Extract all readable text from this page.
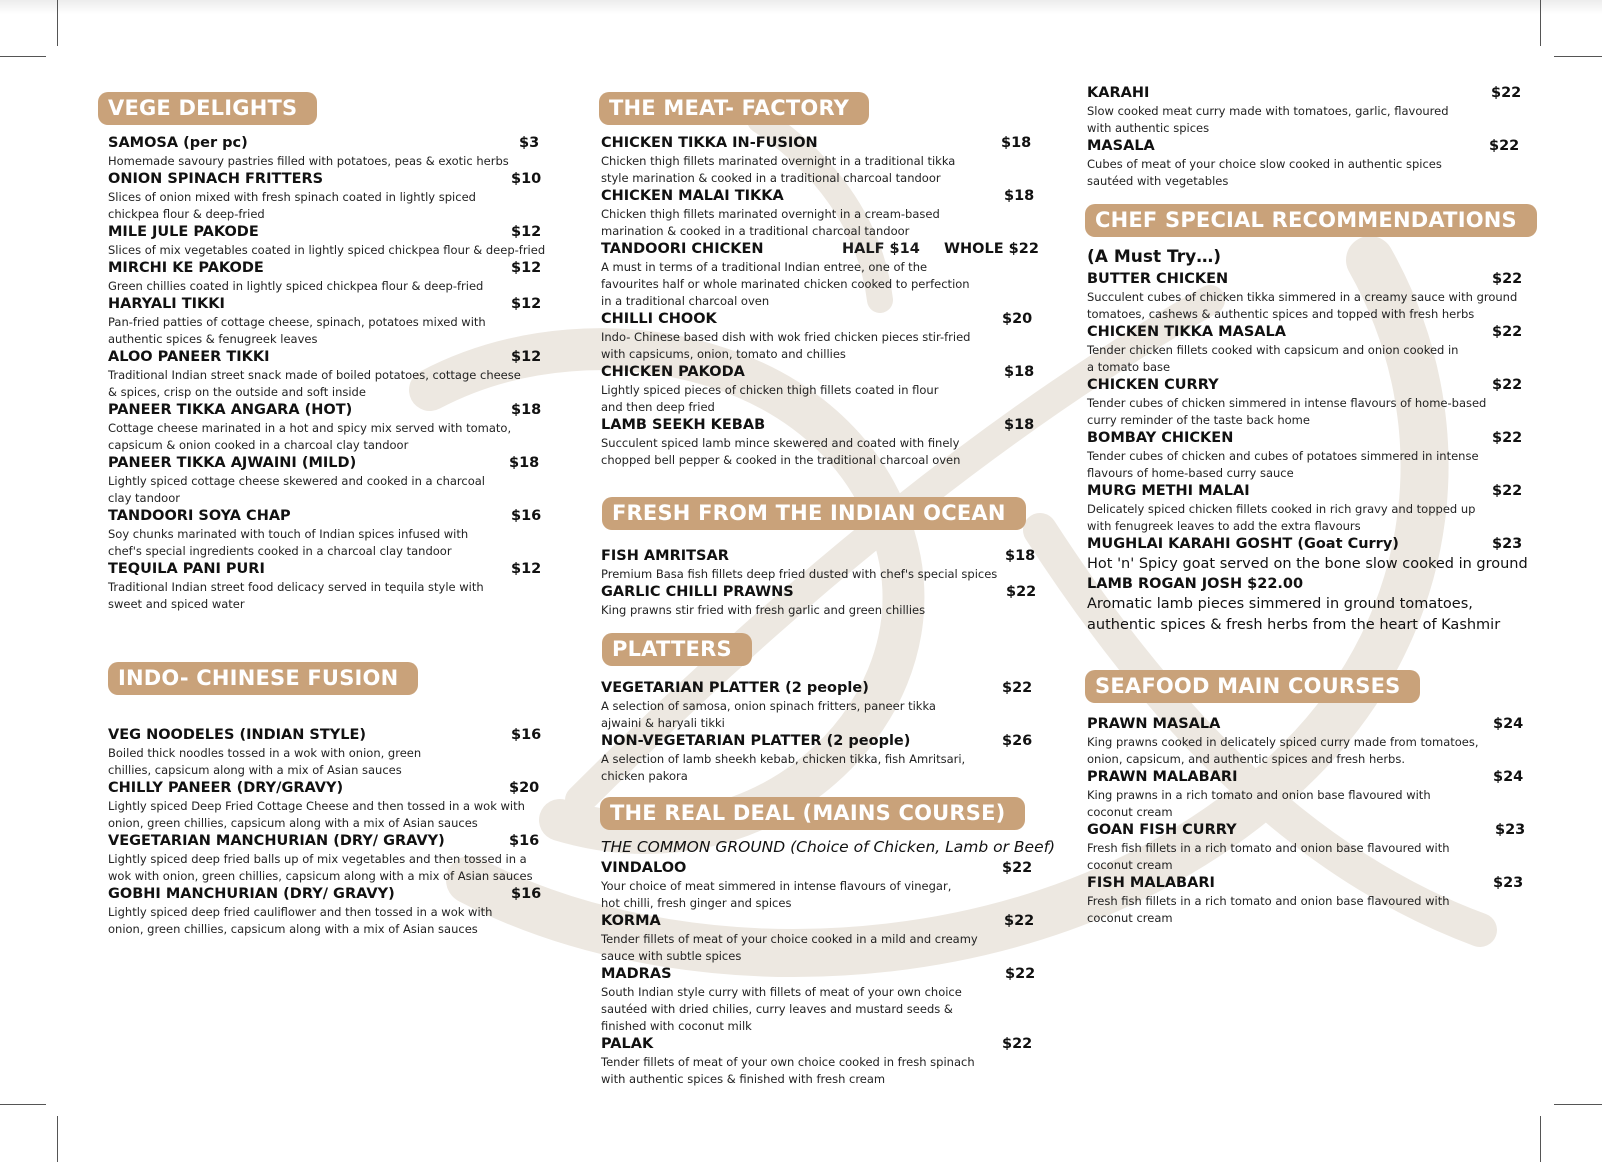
VEGE DELIGHTS
SAMOSA (per pc)	$3
Homemade savoury pastries filled with potatoes, peas & exotic herbs
ONION SPINACH FRITTERS	$10
Slices of onion mixed with fresh spinach coated in lightly spiced chickpea flour & deep-fried
MILE JULE PAKODE	$12
Slices of mix vegetables coated in lightly spiced chickpea flour & deep-fried
MIRCHI KE PAKODE	$12
Green chillies coated in lightly spiced chickpea flour & deep-fried
HARYALI TIKKI	$12
Pan-fried patties of cottage cheese, spinach, potatoes mixed with authentic spices & fenugreek leaves
ALOO PANEER TIKKI	$12
Traditional Indian street snack made of boiled potatoes, cottage cheese & spices, crisp on the outside and soft inside
PANEER TIKKA ANGARA (HOT)	$18
Cottage cheese marinated in a hot and spicy mix served with tomato, capsicum & onion cooked in a charcoal clay tandoor
PANEER TIKKA AJWAINI (MILD)	$18
Lightly spiced cottage cheese skewered and cooked in a charcoal clay tandoor
TANDOORI SOYA CHAP	$16
Soy chunks marinated with touch of Indian spices infused with chef's special ingredients cooked in a charcoal clay tandoor
TEQUILA PANI PURI	$12
Traditional Indian street food delicacy served in tequila style with sweet and spiced water
INDO- CHINESE FUSION
VEG NOODELES (INDIAN STYLE)	$16
Boiled thick noodles tossed in a wok with onion, green chillies, capsicum along with a mix of Asian sauces
CHILLY PANEER (DRY/GRAVY)	$20
Lightly spiced Deep Fried Cottage Cheese and then tossed in a wok with onion, green chillies, capsicum along with a mix of Asian sauces
VEGETARIAN MANCHURIAN (DRY/ GRAVY)	$16
Lightly spiced deep fried balls up of mix vegetables and then tossed in a wok with onion, green chillies, capsicum along with a mix of Asian sauces
GOBHI MANCHURIAN (DRY/ GRAVY)	$16
Lightly spiced deep fried cauliflower and then tossed in a wok with onion, green chillies, capsicum along with a mix of Asian sauces
THE MEAT- FACTORY
CHICKEN TIKKA IN-FUSION	$18
Chicken thigh fillets marinated overnight in a traditional tikka style marination & cooked in a traditional charcoal tandoor
CHICKEN MALAI TIKKA	$18
Chicken thigh fillets marinated overnight in a cream-based marination & cooked in a traditional charcoal tandoor
TANDOORI CHICKEN	HALF $14 WHOLE $22
A must in terms of a traditional Indian entree, one of the favourites half or whole marinated chicken cooked to perfection in a traditional charcoal oven
CHILLI CHOOK	$20
Indo- Chinese based dish with wok fried chicken pieces stir-fried with capsicums, onion, tomato and chillies
CHICKEN PAKODA	$18
Lightly spiced pieces of chicken thigh fillets coated in flour and then deep fried
LAMB SEEKH KEBAB	$18
Succulent spiced lamb mince skewered and coated with finely chopped bell pepper & cooked in the traditional charcoal oven
FRESH FROM THE INDIAN OCEAN
FISH AMRITSAR	$18
Premium Basa fish fillets deep fried dusted with chef's special spices
GARLIC CHILLI PRAWNS	$22
King prawns stir fried with fresh garlic and green chillies
PLATTERS
VEGETARIAN PLATTER (2 people)	$22
A selection of samosa, onion spinach fritters, paneer tikka ajwaini & haryali tikki
NON-VEGETARIAN PLATTER (2 people)	$26
A selection of lamb sheekh kebab, chicken tikka, fish Amritsari, chicken pakora
THE REAL DEAL (MAINS COURSE)
THE COMMON GROUND (Choice of Chicken, Lamb or Beef)
VINDALOO	$22
Your choice of meat simmered in intense flavours of vinegar, hot chilli, fresh ginger and spices
KORMA	$22
Tender fillets of meat of your choice cooked in a mild and creamy sauce with subtle spices
MADRAS	$22
South Indian style curry with fillets of meat of your own choice sautéed with dried chilies, curry leaves and mustard seeds & finished with coconut milk
PALAK	$22
Tender fillets of meat of your own choice cooked in fresh spinach with authentic spices & finished with fresh cream
KARAHI	$22
Slow cooked meat curry made with tomatoes, garlic, flavoured with authentic spices
MASALA	$22
Cubes of meat of your choice slow cooked in authentic spices sautéed with vegetables
CHEF SPECIAL RECOMMENDATIONS
(A Must Try…)
BUTTER CHICKEN	$22
Succulent cubes of chicken tikka simmered in a creamy sauce with ground tomatoes, cashews & authentic spices and topped with fresh herbs
CHICKEN TIKKA MASALA	$22
Tender chicken fillets cooked with capsicum and onion cooked in a tomato base
CHICKEN CURRY	$22
Tender cubes of chicken simmered in intense flavours of home-based curry reminder of the taste back home
BOMBAY CHICKEN	$22
Tender cubes of chicken and cubes of potatoes simmered in intense flavours of home-based curry sauce
MURG METHI MALAI	$22
Delicately spiced chicken fillets cooked in rich gravy and topped up with fenugreek leaves to add the extra flavours
MUGHLAI KARAHI GOSHT (Goat Curry)	$23
Hot 'n' Spicy goat served on the bone slow cooked in ground
LAMB ROGAN JOSH $22.00
Aromatic lamb pieces simmered in ground tomatoes, authentic spices & fresh herbs from the heart of Kashmir
SEAFOOD MAIN COURSES
PRAWN MASALA	$24
King prawns cooked in delicately spiced curry made from tomatoes, onion, capsicum, and authentic spices and fresh herbs.
PRAWN MALABARI	$24
King prawns in a rich tomato and onion base flavoured with coconut cream
GOAN FISH CURRY	$23
Fresh fish fillets in a rich tomato and onion base flavoured with coconut cream
FISH MALABARI	$23
Fresh fish fillets in a rich tomato and onion base flavoured with coconut cream
